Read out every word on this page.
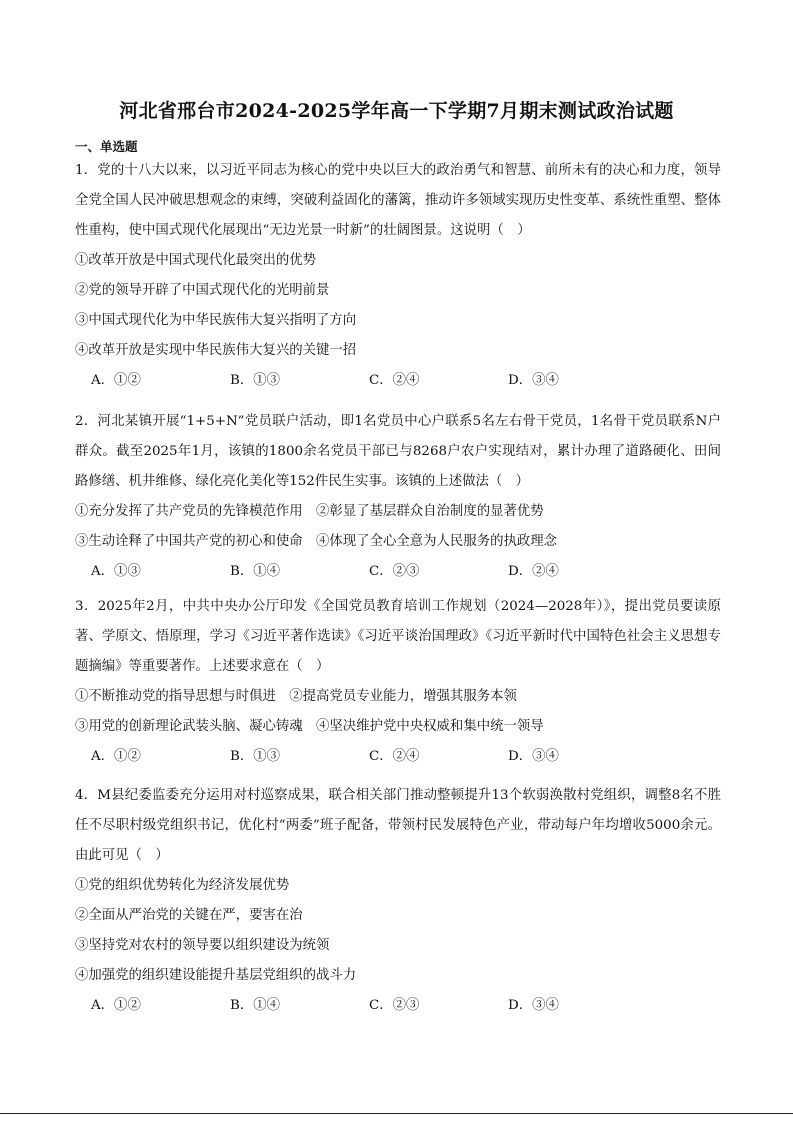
河北省邢台市2024-2025学年高一下学期7月期末测试政治试题
一、单选题

1．党的十八大以来，以习近平同志为核心的党中央以巨大的政治勇气和智慧、前所未有的决心和力度，领导全党全国人民冲破思想观念的束缚，突破利益固化的藩篱，推动许多领域实现历史性变革、系统性重塑、整体性重构，使中国式现代化展现出“无边光景一时新”的壮阔图景。这说明（　）

①改革开放是中国式现代化最突出的优势
②党的领导开辟了中国式现代化的光明前景
③中国式现代化为中华民族伟大复兴指明了方向
④改革开放是实现中华民族伟大复兴的关键一招
A．①②	B．①③	C．②④	D．③④

2．河北某镇开展“1+5+N”党员联户活动，即1名党员中心户联系5名左右骨干党员，1名骨干党员联系N户群众。截至2025年1月，该镇的1800余名党员干部已与8268户农户实现结对，累计办理了道路硬化、田间路修缮、机井维修、绿化亮化美化等152件民生实事。该镇的上述做法（　）

①充分发挥了共产党员的先锋模范作用　②彰显了基层群众自治制度的显著优势
③生动诠释了中国共产党的初心和使命　④体现了全心全意为人民服务的执政理念
A．①③	B．①④	C．②③	D．②④

3．2025年2月，中共中央办公厅印发《全国党员教育培训工作规划（2024—2028年）》，提出党员要读原著、学原文、悟原理，学习《习近平著作选读》《习近平谈治国理政》《习近平新时代中国特色社会主义思想专题摘编》等重要著作。上述要求意在（　）

①不断推动党的指导思想与时俱进　②提高党员专业能力，增强其服务本领
③用党的创新理论武装头脑、凝心铸魂　④坚决维护党中央权威和集中统一领导
A．①②	B．①③	C．②④	D．③④

4．M县纪委监委充分运用对村巡察成果，联合相关部门推动整顿提升13个软弱涣散村党组织，调整8名不胜任不尽职村级党组织书记，优化村“两委”班子配备，带领村民发展特色产业，带动每户年均增收5000余元。由此可见（　）

①党的组织优势转化为经济发展优势
②全面从严治党的关键在严，要害在治
③坚持党对农村的领导要以组织建设为统领
④加强党的组织建设能提升基层党组织的战斗力
A．①②	B．①④	C．②③	D．③④
